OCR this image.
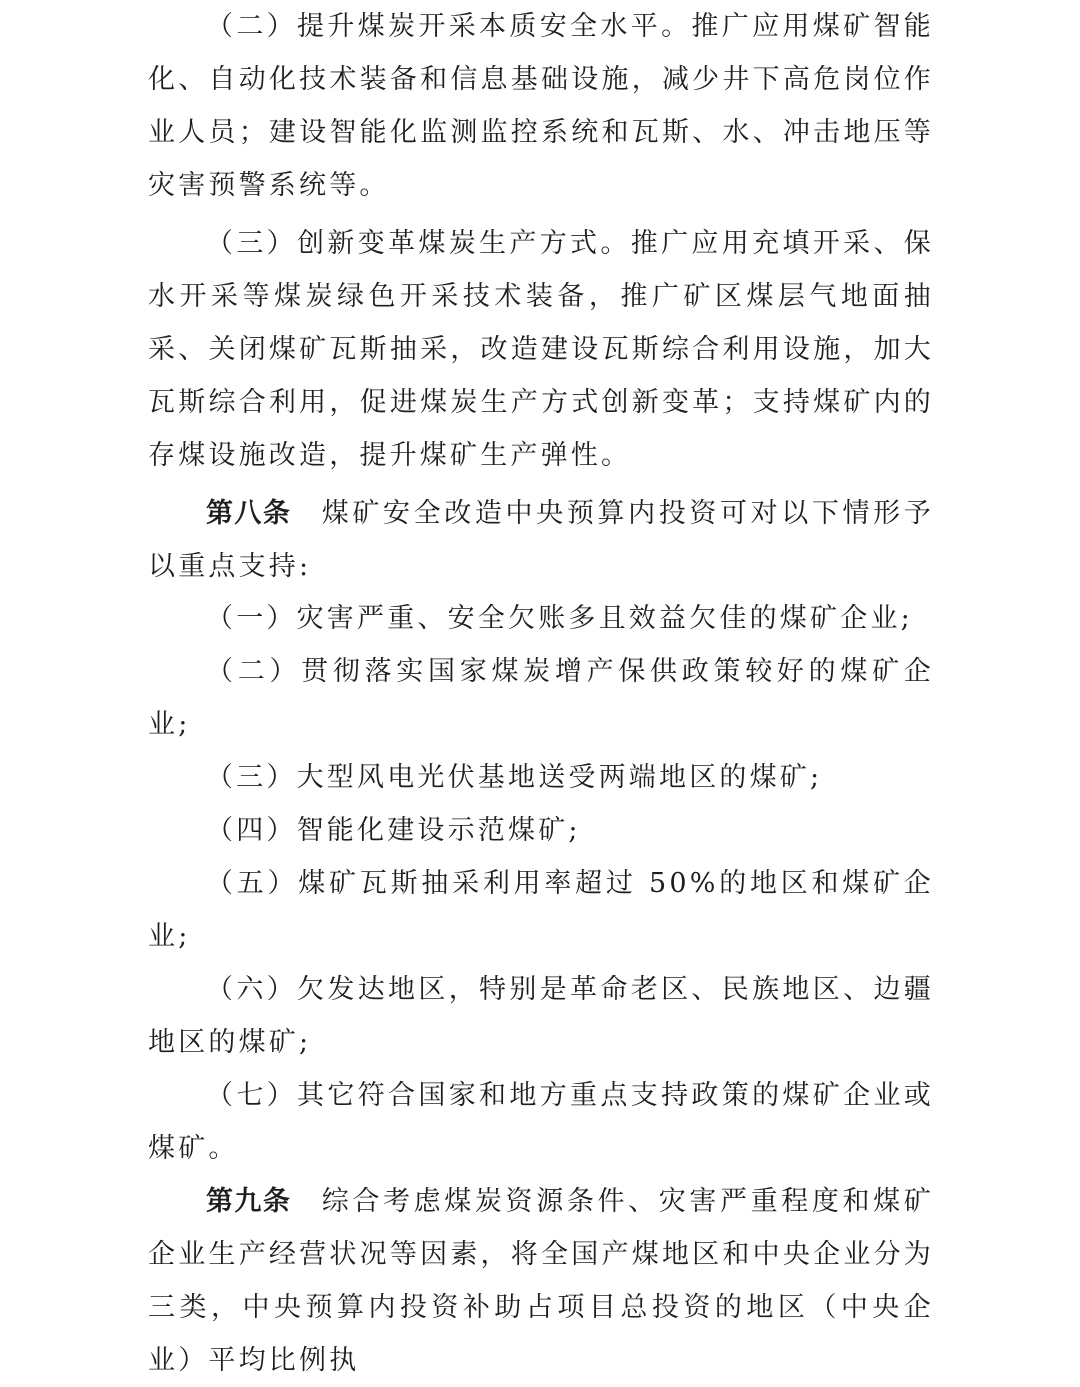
（二）提升煤炭开采本质安全水平。推广应用煤矿智能化、自动化技术装备和信息基础设施，减少井下高危岗位作业人员；建设智能化监测监控系统和瓦斯、水、冲击地压等灾害预警系统等。

（三）创新变革煤炭生产方式。推广应用充填开采、保水开采等煤炭绿色开采技术装备，推广矿区煤层气地面抽采、关闭煤矿瓦斯抽采，改造建设瓦斯综合利用设施，加大瓦斯综合利用，促进煤炭生产方式创新变革；支持煤矿内的存煤设施改造，提升煤矿生产弹性。

第八条 煤矿安全改造中央预算内投资可对以下情形予以重点支持:

（一）灾害严重、安全欠账多且效益欠佳的煤矿企业;

（二）贯彻落实国家煤炭增产保供政策较好的煤矿企业;

（三）大型风电光伏基地送受两端地区的煤矿;

（四）智能化建设示范煤矿;

（五）煤矿瓦斯抽采利用率超过 50%的地区和煤矿企业;

（六）欠发达地区，特别是革命老区、民族地区、边疆地区的煤矿;

（七）其它符合国家和地方重点支持政策的煤矿企业或煤矿。

第九条 综合考虑煤炭资源条件、灾害严重程度和煤矿企业生产经营状况等因素，将全国产煤地区和中央企业分为三类，中央预算内投资补助占项目总投资的地区（中央企业）平均比例执
